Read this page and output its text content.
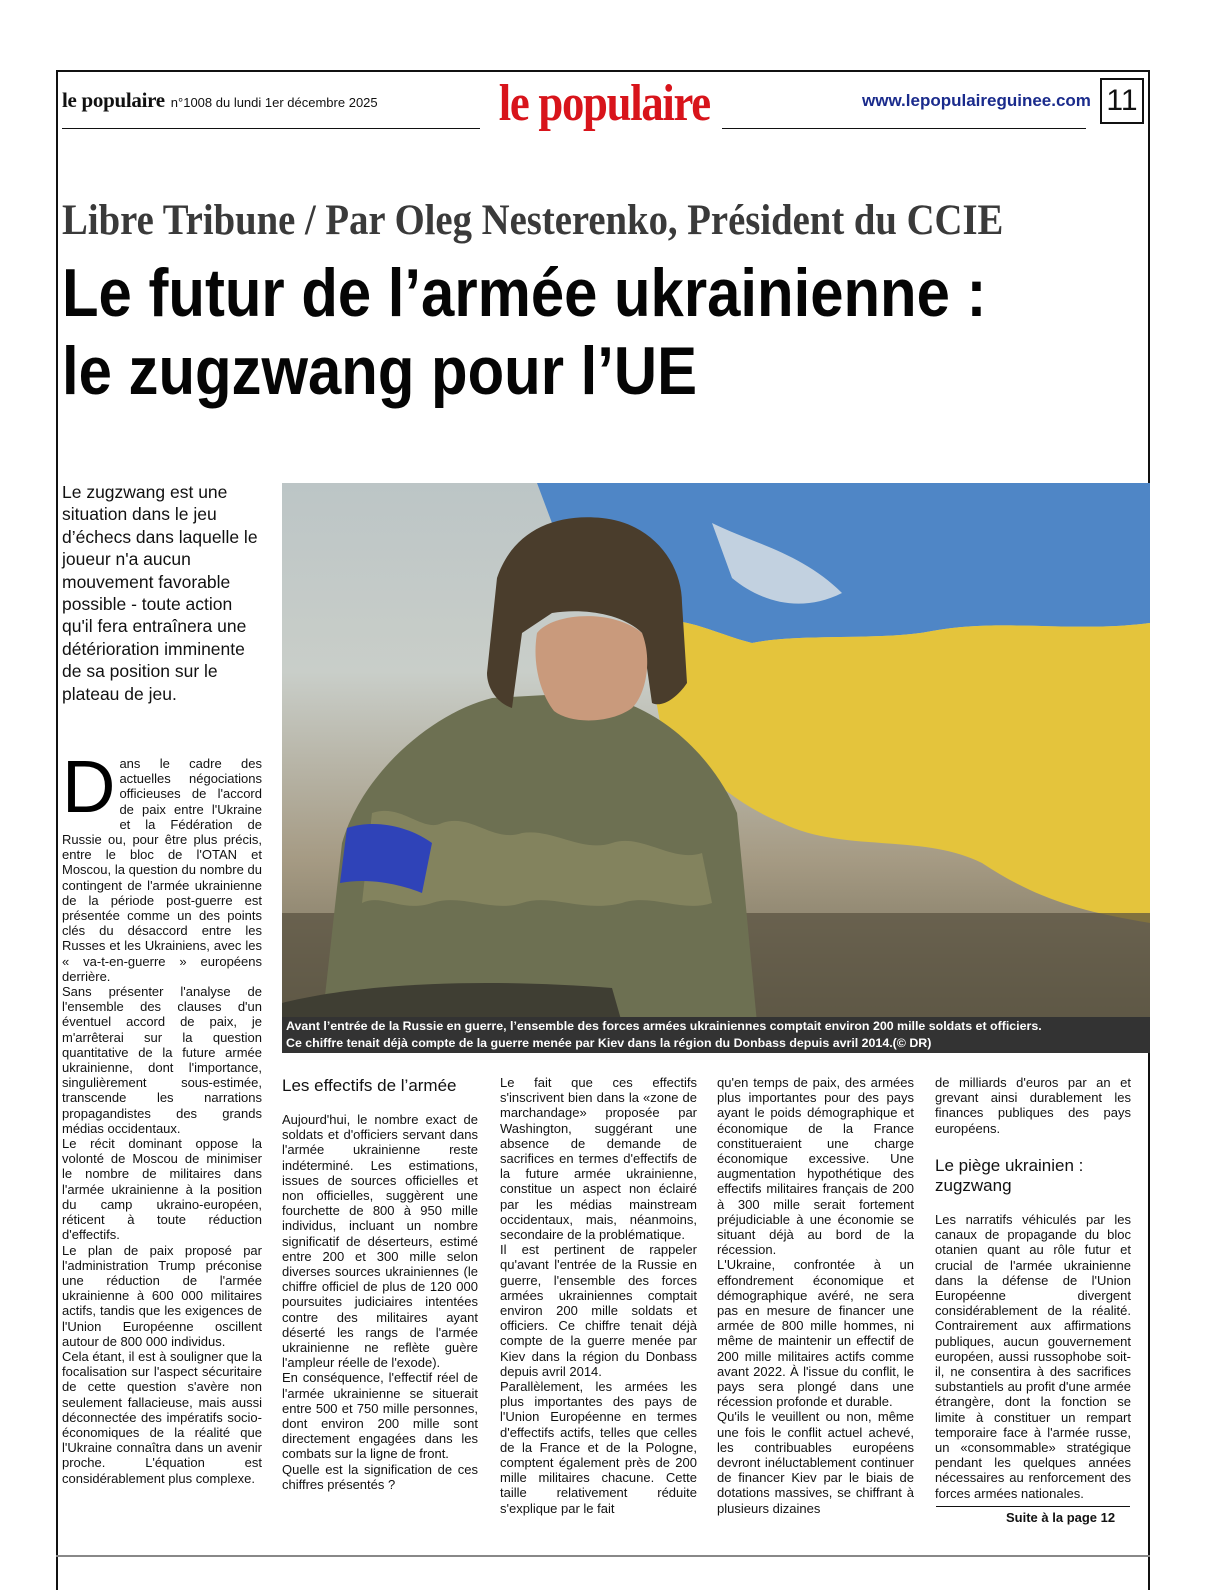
le populaire n°1008 du lundi 1er décembre 2025 le populaire	www.lepopulaireguinee.com 11
Libre Tribune / Par Oleg Nesterenko, Président du CCIE
Le futur de l’armée ukrainienne :
le zugzwang pour l’UE
Le zugzwang est une situation dans le jeu d’échecs dans laquelle le joueur n'a aucun mouvement favorable possible - toute action qu'il fera entraînera une détérioration imminente de sa position sur le plateau de jeu.
Avant l’entrée de la Russie en guerre, l’ensemble des forces armées ukrainiennes comptait environ 200 mille soldats et officiers.
Ce chiffre tenait déjà compte de la guerre menée par Kiev dans la région du Donbass depuis avril 2014.(© DR)
D ans le cadre des actuelles négociations officieuses de l'accord de paix entre l'Ukraine et la Fédération de Russie ou, pour être plus précis, entre le bloc de l'OTAN et Moscou, la question du nombre du contingent de l'armée ukrainienne de la période post-guerre est présentée comme un des points clés du désaccord entre les Russes et les Ukrainiens, avec les « va-t-en-guerre » européens derrière.

Sans présenter l'analyse de l'ensemble des clauses d'un éventuel accord de paix, je m'arrêterai sur la question quantitative de la future armée ukrainienne, dont l'importance, singulièrement sous-estimée, transcende les narrations propagandistes des grands médias occidentaux.

Le récit dominant oppose la volonté de Moscou de minimiser le nombre de militaires dans l'armée ukrainienne à la position du camp ukraino-européen, réticent à toute réduction d'effectifs.

Le plan de paix proposé par l'administration Trump préconise une réduction de l'armée ukrainienne à 600 000 militaires actifs, tandis que les exigences de l'Union Européenne oscillent autour de 800 000 individus.

Cela étant, il est à souligner que la focalisation sur l'aspect sécuritaire de cette question s'avère non seulement fallacieuse, mais aussi déconnectée des impératifs socio-économiques de la réalité que l'Ukraine connaîtra dans un avenir proche. L'équation est considérablement plus complexe.

Les effectifs de l’armée

Aujourd'hui, le nombre exact de soldats et d'officiers servant dans l'armée ukrainienne reste indéterminé. Les estimations, issues de sources officielles et non officielles, suggèrent une fourchette de 800 à 950 mille individus, incluant un nombre significatif de déserteurs, estimé entre 200 et 300 mille selon diverses sources ukrainiennes (le chiffre officiel de plus de 120 000 poursuites judiciaires intentées contre des militaires ayant déserté les rangs de l'armée ukrainienne ne reflète guère l'ampleur réelle de l'exode).

En conséquence, l'effectif réel de l'armée ukrainienne se situerait entre 500 et 750 mille personnes, dont environ 200 mille sont directement engagées dans les combats sur la ligne de front.

Quelle est la signification de ces chiffres présentés ?

Le fait que ces effectifs s'inscrivent bien dans la «zone de marchandage» proposée par Washington, suggérant une absence de demande de sacrifices en termes d'effectifs de la future armée ukrainienne, constitue un aspect non éclairé par les médias mainstream occidentaux, mais, néanmoins, secondaire de la problématique.

Il est pertinent de rappeler qu'avant l'entrée de la Russie en guerre, l'ensemble des forces armées ukrainiennes comptait environ 200 mille soldats et officiers. Ce chiffre tenait déjà compte de la guerre menée par Kiev dans la région du Donbass depuis avril 2014.

Parallèlement, les armées les plus importantes des pays de l'Union Européenne en termes d'effectifs actifs, telles que celles de la France et de la Pologne, comptent également près de 200 mille militaires chacune. Cette taille relativement réduite s'explique par le fait

qu'en temps de paix, des armées plus importantes pour des pays ayant le poids démographique et économique de la France constitueraient une charge économique excessive. Une augmentation hypothétique des effectifs militaires français de 200 à 300 mille serait fortement préjudiciable à une économie se situant déjà au bord de la récession.

L'Ukraine, confrontée à un effondrement économique et démographique avéré, ne sera pas en mesure de financer une armée de 800 mille hommes, ni même de maintenir un effectif de 200 mille militaires actifs comme avant 2022. À l'issue du conflit, le pays sera plongé dans une récession profonde et durable.

Qu'ils le veuillent ou non, même une fois le conflit actuel achevé, les contribuables européens devront inéluctablement continuer de financer Kiev par le biais de dotations massives, se chiffrant à plusieurs dizaines

de milliards d'euros par an et grevant ainsi durablement les finances publiques des pays européens.

Le piège ukrainien : zugzwang

Les narratifs véhiculés par les canaux de propagande du bloc otanien quant au rôle futur et crucial de l'armée ukrainienne dans la défense de l'Union Européenne divergent considérablement de la réalité. Contrairement aux affirmations publiques, aucun gouvernement européen, aussi russophobe soit-il, ne consentira à des sacrifices substantiels au profit d'une armée étrangère, dont la fonction se limite à constituer un rempart temporaire face à l'armée russe, un «consommable» stratégique pendant les quelques années nécessaires au renforcement des forces armées nationales.

Suite à la page 12
